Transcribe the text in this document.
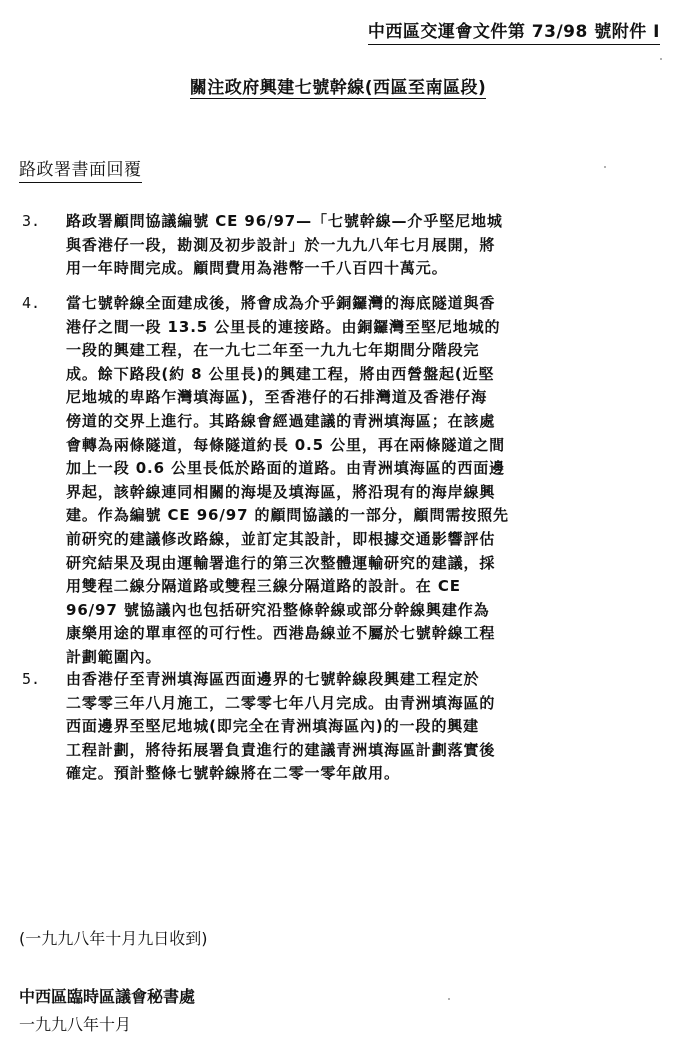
中西區交運會文件第 73/98 號附件 I
關注政府興建七號幹線(西區至南區段)
路政署書面回覆
3. 路政署顧問協議編號 CE 96/97—「七號幹線—介乎堅尼地城
與香港仔一段，勘測及初步設計」於一九九八年七月展開，將
用一年時間完成。顧問費用為港幣一千八百四十萬元。
4. 當七號幹線全面建成後，將會成為介乎銅鑼灣的海底隧道與香
港仔之間一段 13.5 公里長的連接路。由銅鑼灣至堅尼地城的
一段的興建工程，在一九七二年至一九九七年期間分階段完
成。餘下路段(約 8 公里長)的興建工程，將由西營盤起(近堅
尼地城的卑路乍灣填海區)，至香港仔的石排灣道及香港仔海
傍道的交界上進行。其路線會經過建議的青洲填海區；在該處
會轉為兩條隧道，每條隧道約長 0.5 公里，再在兩條隧道之間
加上一段 0.6 公里長低於路面的道路。由青洲填海區的西面邊
界起，該幹線連同相關的海堤及填海區，將沿現有的海岸線興
建。作為編號 CE 96/97 的顧問協議的一部分，顧問需按照先
前研究的建議修改路線，並訂定其設計，即根據交通影響評估
研究結果及現由運輸署進行的第三次整體運輸研究的建議，採
用雙程二線分隔道路或雙程三線分隔道路的設計。在 CE
96/97 號協議內也包括研究沿整條幹線或部分幹線興建作為
康樂用途的單車徑的可行性。西港島線並不屬於七號幹線工程
計劃範圍內。
5. 由香港仔至青洲填海區西面邊界的七號幹線段興建工程定於
二零零三年八月施工，二零零七年八月完成。由青洲填海區的
西面邊界至堅尼地城(即完全在青洲填海區內)的一段的興建
工程計劃，將待拓展署負責進行的建議青洲填海區計劃落實後
確定。預計整條七號幹線將在二零一零年啟用。
(一九九八年十月九日收到)
中西區臨時區議會秘書處
一九九八年十月
